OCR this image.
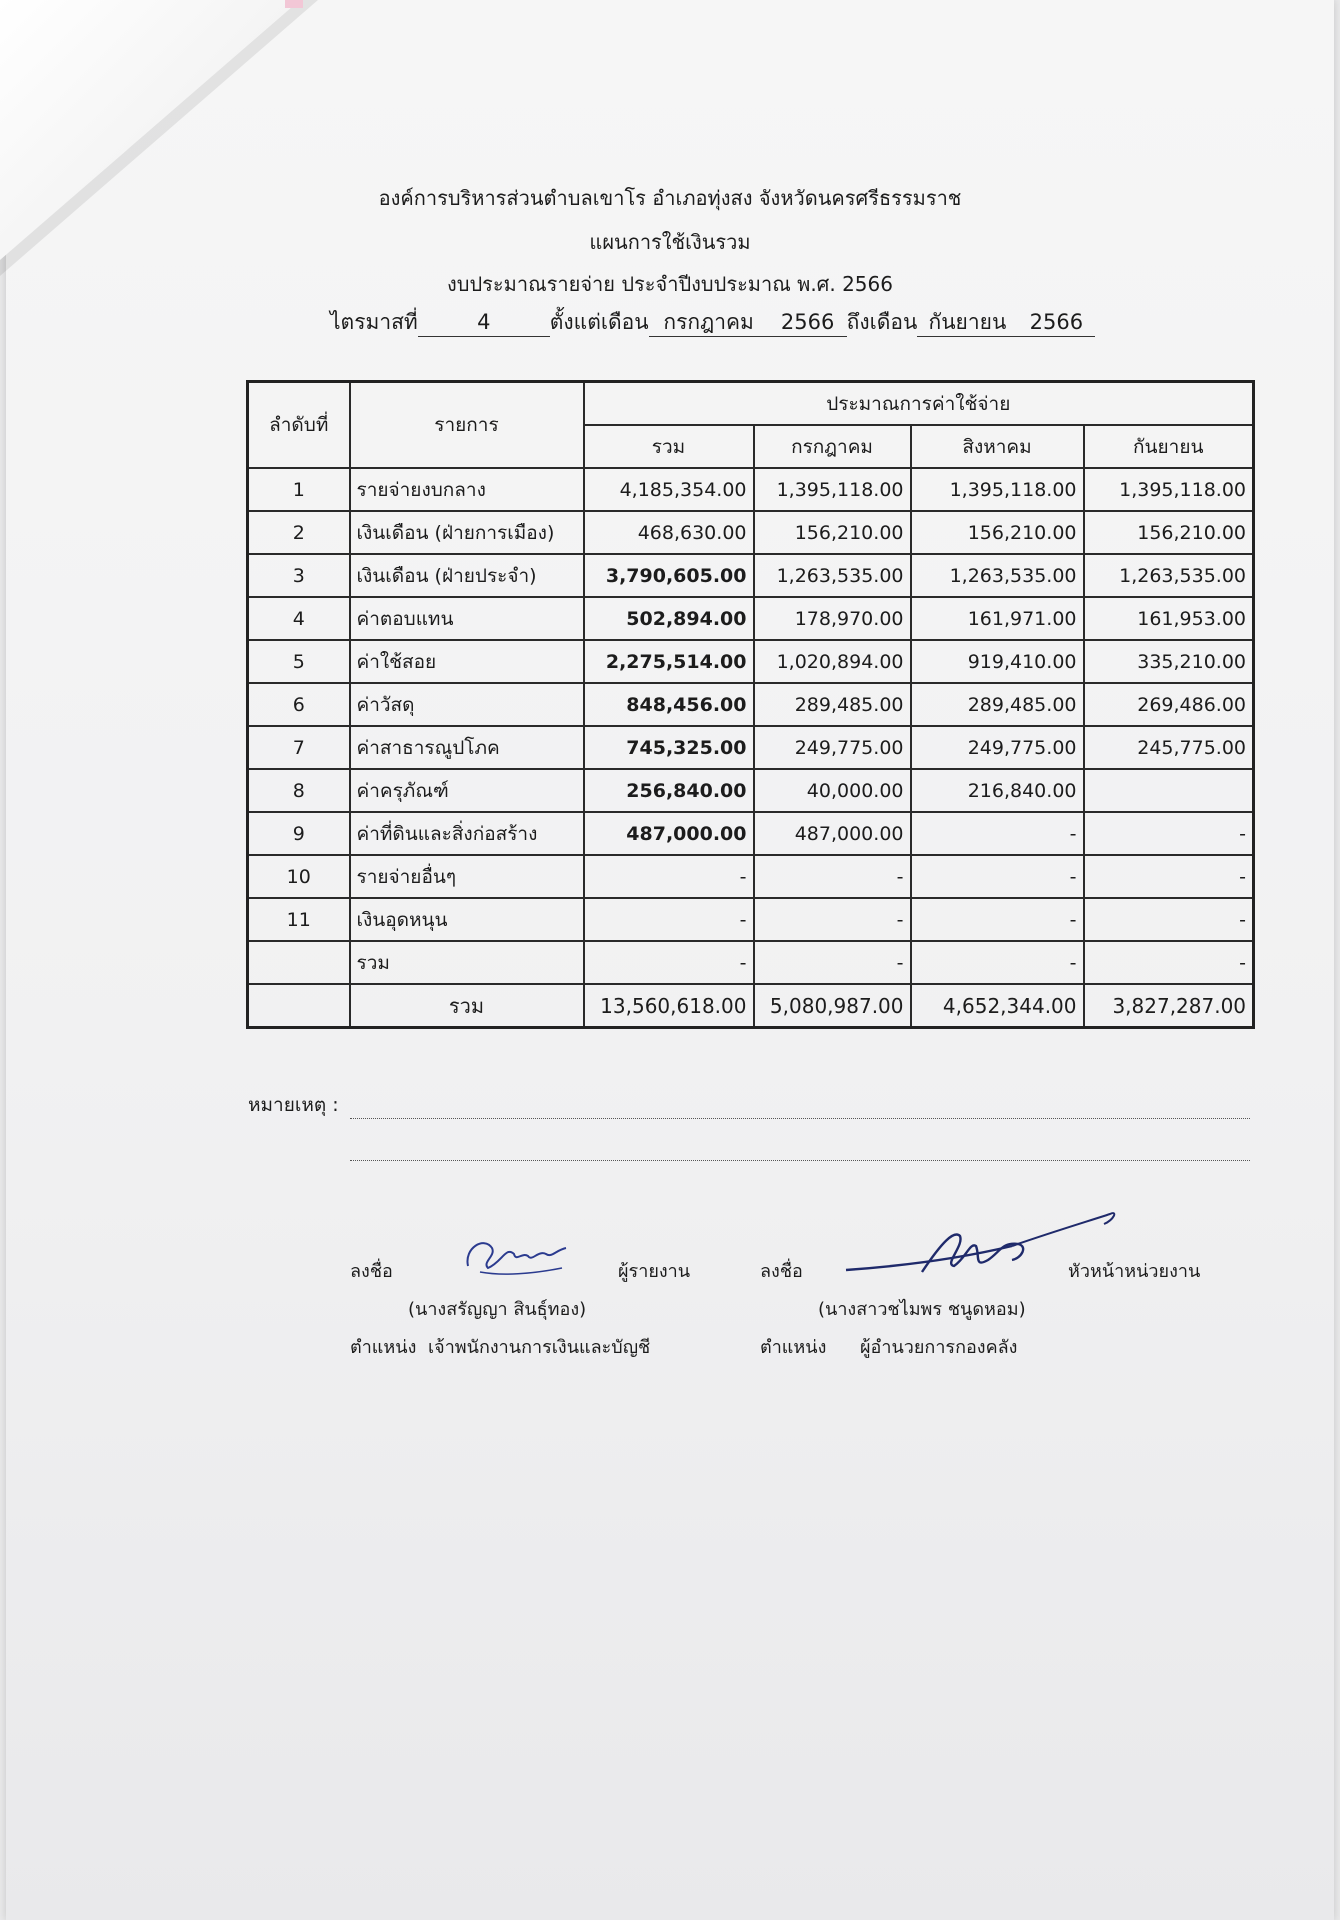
องค์การบริหารส่วนตำบลเขาโร อำเภอทุ่งสง จังหวัดนครศรีธรรมราช
แผนการใช้เงินรวม
งบประมาณรายจ่าย ประจำปีงบประมาณ พ.ศ. 2566
ไตรมาสที่	4	ตั้งแต่เดือน กรกฎาคม 2566 ถึงเดือน กันยายน 2566
ลำดับที่	รายการ	ประมาณการค่าใช้จ่าย			
		รวม	กรกฎาคม	สิงหาคม	กันยายน
1	รายจ่ายงบกลาง	4,185,354.00	1,395,118.00	1,395,118.00	1,395,118.00
2	เงินเดือน (ฝ่ายการเมือง)	468,630.00	156,210.00	156,210.00	156,210.00
3	เงินเดือน (ฝ่ายประจำ)	3,790,605.00	1,263,535.00	1,263,535.00	1,263,535.00
4	ค่าตอบแทน	502,894.00	178,970.00	161,971.00	161,953.00
5	ค่าใช้สอย	2,275,514.00	1,020,894.00	919,410.00	335,210.00
6	ค่าวัสดุ	848,456.00	289,485.00	289,485.00	269,486.00
7	ค่าสาธารณูปโภค	745,325.00	249,775.00	249,775.00	245,775.00
8	ค่าครุภัณฑ์	256,840.00	40,000.00	216,840.00	
9	ค่าที่ดินและสิ่งก่อสร้าง	487,000.00	487,000.00	-	-
10	รายจ่ายอื่นๆ	-	-	-	-
11	เงินอุดหนุน	-	-	-	-
	รวม	-	-	-	-
	รวม	13,560,618.00	5,080,987.00	4,652,344.00	3,827,287.00
หมายเหตุ :
ลงชื่อ	ผู้รายงาน
(นางสรัญญา สินธุ์ทอง)
ตำแหน่ง เจ้าพนักงานการเงินและบัญชี
ลงชื่อ	หัวหน้าหน่วยงาน
(นางสาวชไมพร ชนูดหอม)
ตำแหน่ง ผู้อำนวยการกองคลัง
